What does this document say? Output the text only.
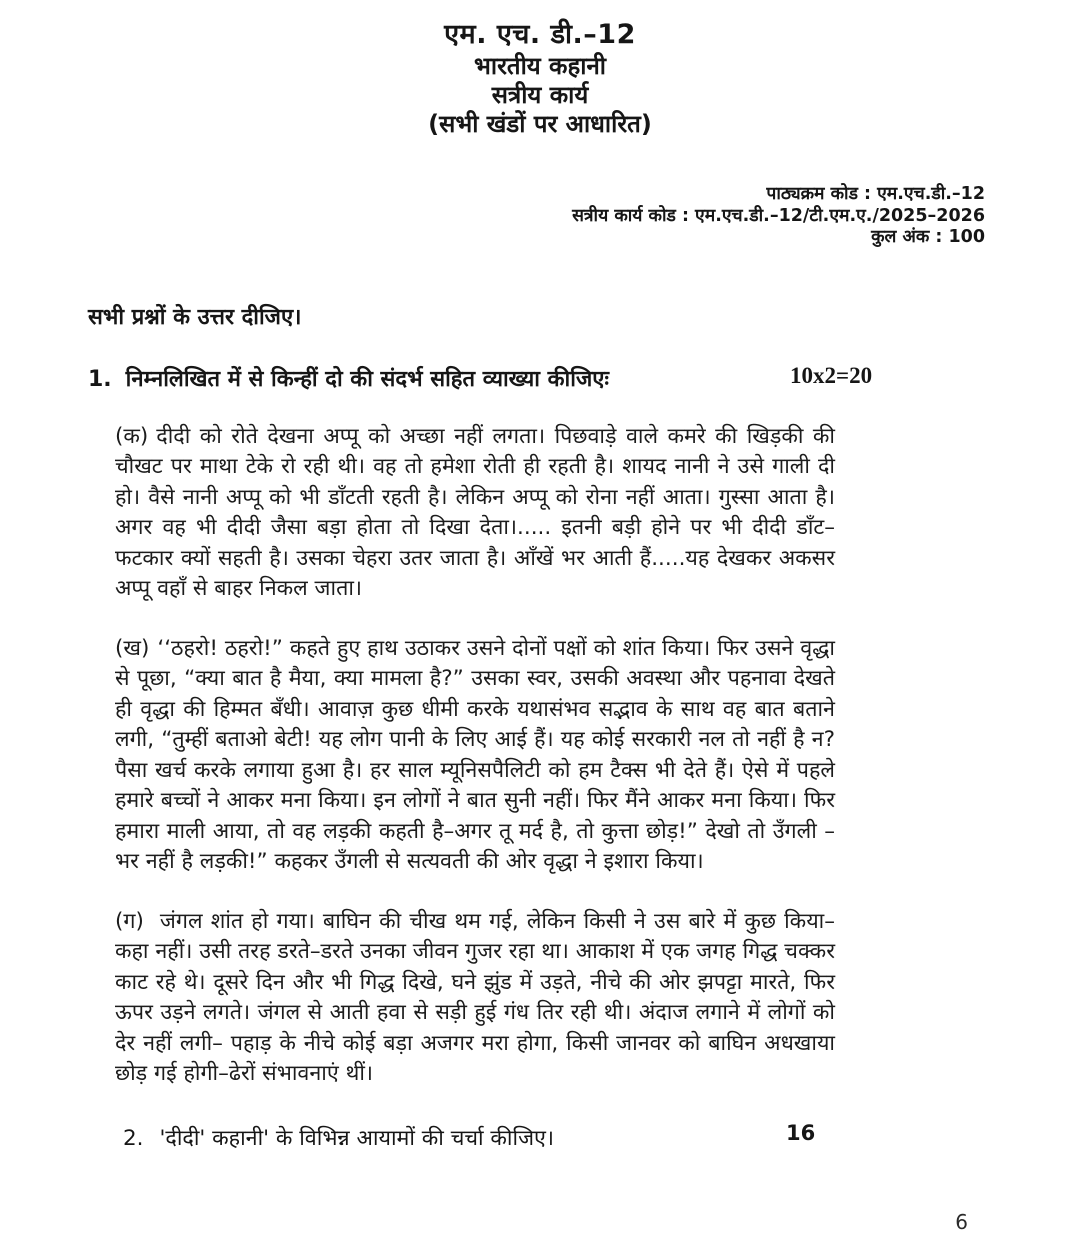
एम. एच. डी.–12
भारतीय कहानी
सत्रीय कार्य
(सभी खंडों पर आधारित)
पाठ्यक्रम कोड : एम.एच.डी.–12
सत्रीय कार्य कोड : एम.एच.डी.–12/टी.एम.ए./2025–2026
कुल अंक : 100
सभी प्रश्नों के उत्तर दीजिए।
1. निम्नलिखित में से किन्हीं दो की संदर्भ सहित व्याख्या कीजिएः	10x2=20

(क) दीदी को रोते देखना अप्पू को अच्छा नहीं लगता। पिछवाड़े वाले कमरे की खिड़की की चौखट पर माथा टेके रो रही थी। वह तो हमेशा रोती ही रहती है। शायद नानी ने उसे गाली दी हो। वैसे नानी अप्पू को भी डाँटती रहती है। लेकिन अप्पू को रोना नहीं आता। गुस्सा आता है। अगर वह भी दीदी जैसा बड़ा होता तो दिखा देता।..... इतनी बड़ी होने पर भी दीदी डाँट–फटकार क्यों सहती है। उसका चेहरा उतर जाता है। आँखें भर आती हैं.....यह देखकर अकसर अप्पू वहाँ से बाहर निकल जाता।

(ख) ‘‘ठहरो! ठहरो!” कहते हुए हाथ उठाकर उसने दोनों पक्षों को शांत किया। फिर उसने वृद्धा से पूछा, “क्या बात है मैया, क्या मामला है?” उसका स्वर, उसकी अवस्था और पहनावा देखते ही वृद्धा की हिम्मत बँधी। आवाज़ कुछ धीमी करके यथासंभव सद्भाव के साथ वह बात बताने लगी, “तुम्हीं बताओ बेटी! यह लोग पानी के लिए आई हैं। यह कोई सरकारी नल तो नहीं है न? पैसा खर्च करके लगाया हुआ है। हर साल म्यूनिसपैलिटी को हम टैक्स भी देते हैं। ऐसे में पहले हमारे बच्चों ने आकर मना किया। इन लोगों ने बात सुनी नहीं। फिर मैंने आकर मना किया। फिर हमारा माली आया, तो वह लड़की कहती है–अगर तू मर्द है, तो कुत्ता छोड़!” देखो तो उँगली – भर नहीं है लड़की!” कहकर उँगली से सत्यवती की ओर वृद्धा ने इशारा किया।

(ग) जंगल शांत हो गया। बाघिन की चीख थम गई, लेकिन किसी ने उस बारे में कुछ किया–कहा नहीं। उसी तरह डरते–डरते उनका जीवन गुजर रहा था। आकाश में एक जगह गिद्ध चक्कर काट रहे थे। दूसरे दिन और भी गिद्ध दिखे, घने झुंड में उड़ते, नीचे की ओर झपट्टा मारते, फिर ऊपर उड़ने लगते। जंगल से आती हवा से सड़ी हुई गंध तिर रही थी। अंदाज लगाने में लोगों को देर नहीं लगी– पहाड़ के नीचे कोई बड़ा अजगर मरा होगा, किसी जानवर को बाघिन अधखाया छोड़ गई होगी–ढेरों संभावनाएं थीं।

2. 'दीदी' कहानी' के विभिन्न आयामों की चर्चा कीजिए।	16
6
